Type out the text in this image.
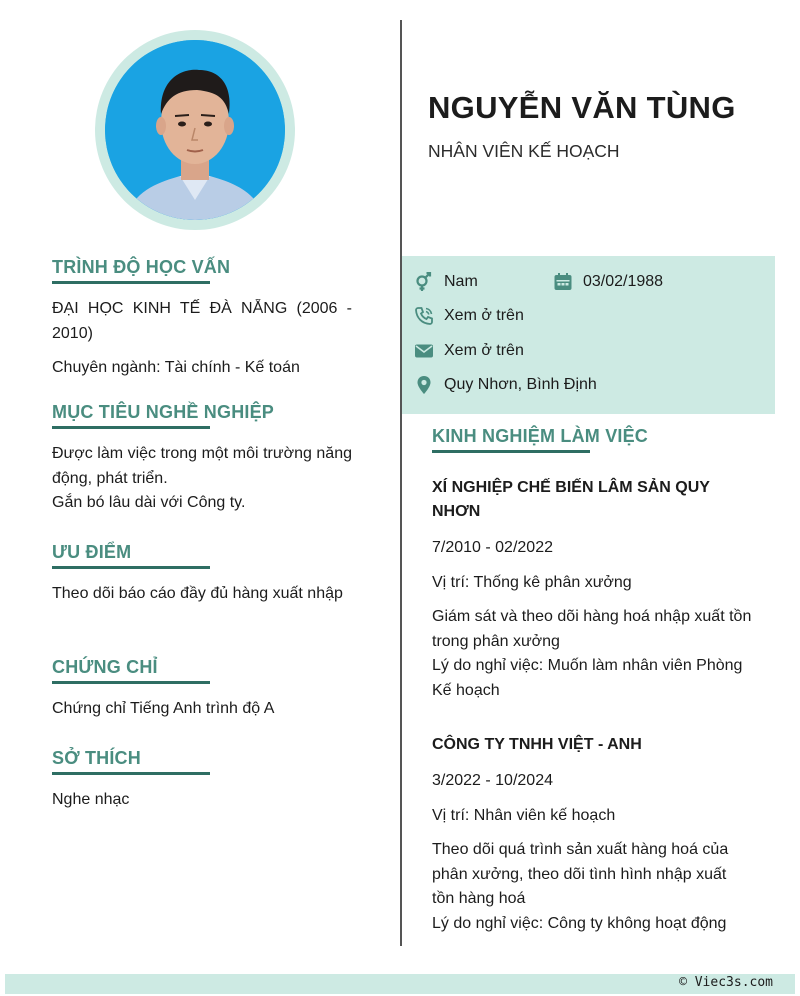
TRÌNH ĐỘ HỌC VẤN

ĐẠI HỌC KINH TẾ ĐÀ NẴNG (2006 - 2010)

Chuyên ngành: Tài chính - Kế toán

MỤC TIÊU NGHỀ NGHIỆP

Được làm việc trong một môi trường năng động, phát triển.

Gắn bó lâu dài với Công ty.

ƯU ĐIỂM

Theo dõi báo cáo đầy đủ hàng xuất nhập

CHỨNG CHỈ

Chứng chỉ Tiếng Anh trình độ A

SỞ THÍCH

Nghe nhạc

NGUYỄN VĂN TÙNG
NHÂN VIÊN KẾ HOẠCH
Nam	03/02/1988
Xem ở trên
Xem ở trên
Quy Nhơn, Bình Định
KINH NGHIỆM LÀM VIỆC

XÍ NGHIỆP CHẾ BIẾN LÂM SẢN QUY NHƠN

7/2010 - 02/2022

Vị trí: Thống kê phân xưởng

Giám sát và theo dõi hàng hoá nhập xuất tồn trong phân xưởng

Lý do nghỉ việc: Muốn làm nhân viên Phòng Kế hoạch

CÔNG TY TNHH VIỆT - ANH

3/2022 - 10/2024

Vị trí: Nhân viên kế hoạch

Theo dõi quá trình sản xuất hàng hoá của phân xưởng, theo dõi tình hình nhập xuất tồn hàng hoá

Lý do nghỉ việc: Công ty không hoạt động

© Viec3s.com
